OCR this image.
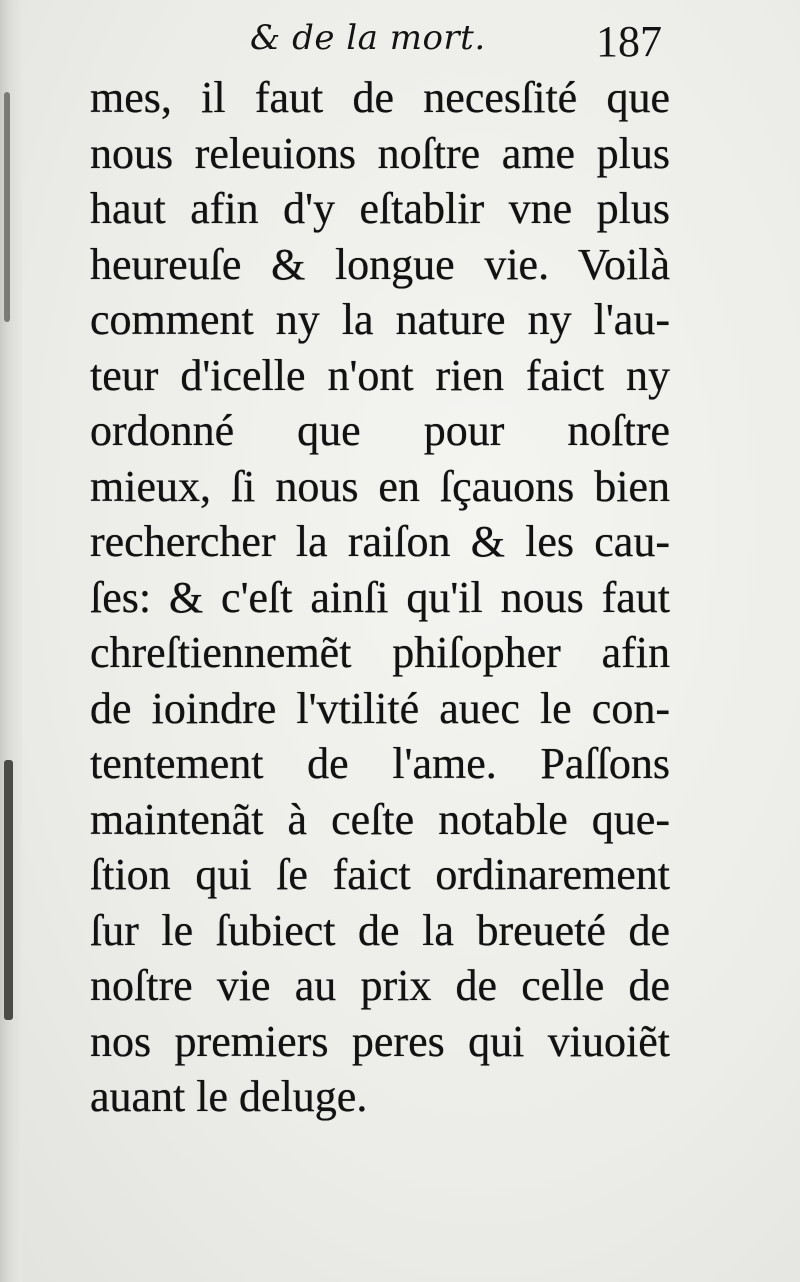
& de la mort.	187
mes, il faut de necesſité que
nous releuions noſtre ame plus
haut afin d'y eſtablir vne plus
heureuſe & longue vie. Voilà
comment ny la nature ny l'au-
teur d'icelle n'ont rien faict ny
ordonné que pour noſtre
mieux, ſi nous en ſçauons bien
rechercher la raiſon & les cau-
ſes: & c'eſt ainſi qu'il nous faut
chreſtiennemẽt phiſopher afin
de ioindre l'vtilité auec le con-
tentement de l'ame. Paſſons
maintenãt à ceſte notable que-
ſtion qui ſe faict ordinarement
ſur le ſubiect de la breueté de
noſtre vie au prix de celle de
nos premiers peres qui viuoiẽt
auant le deluge.
